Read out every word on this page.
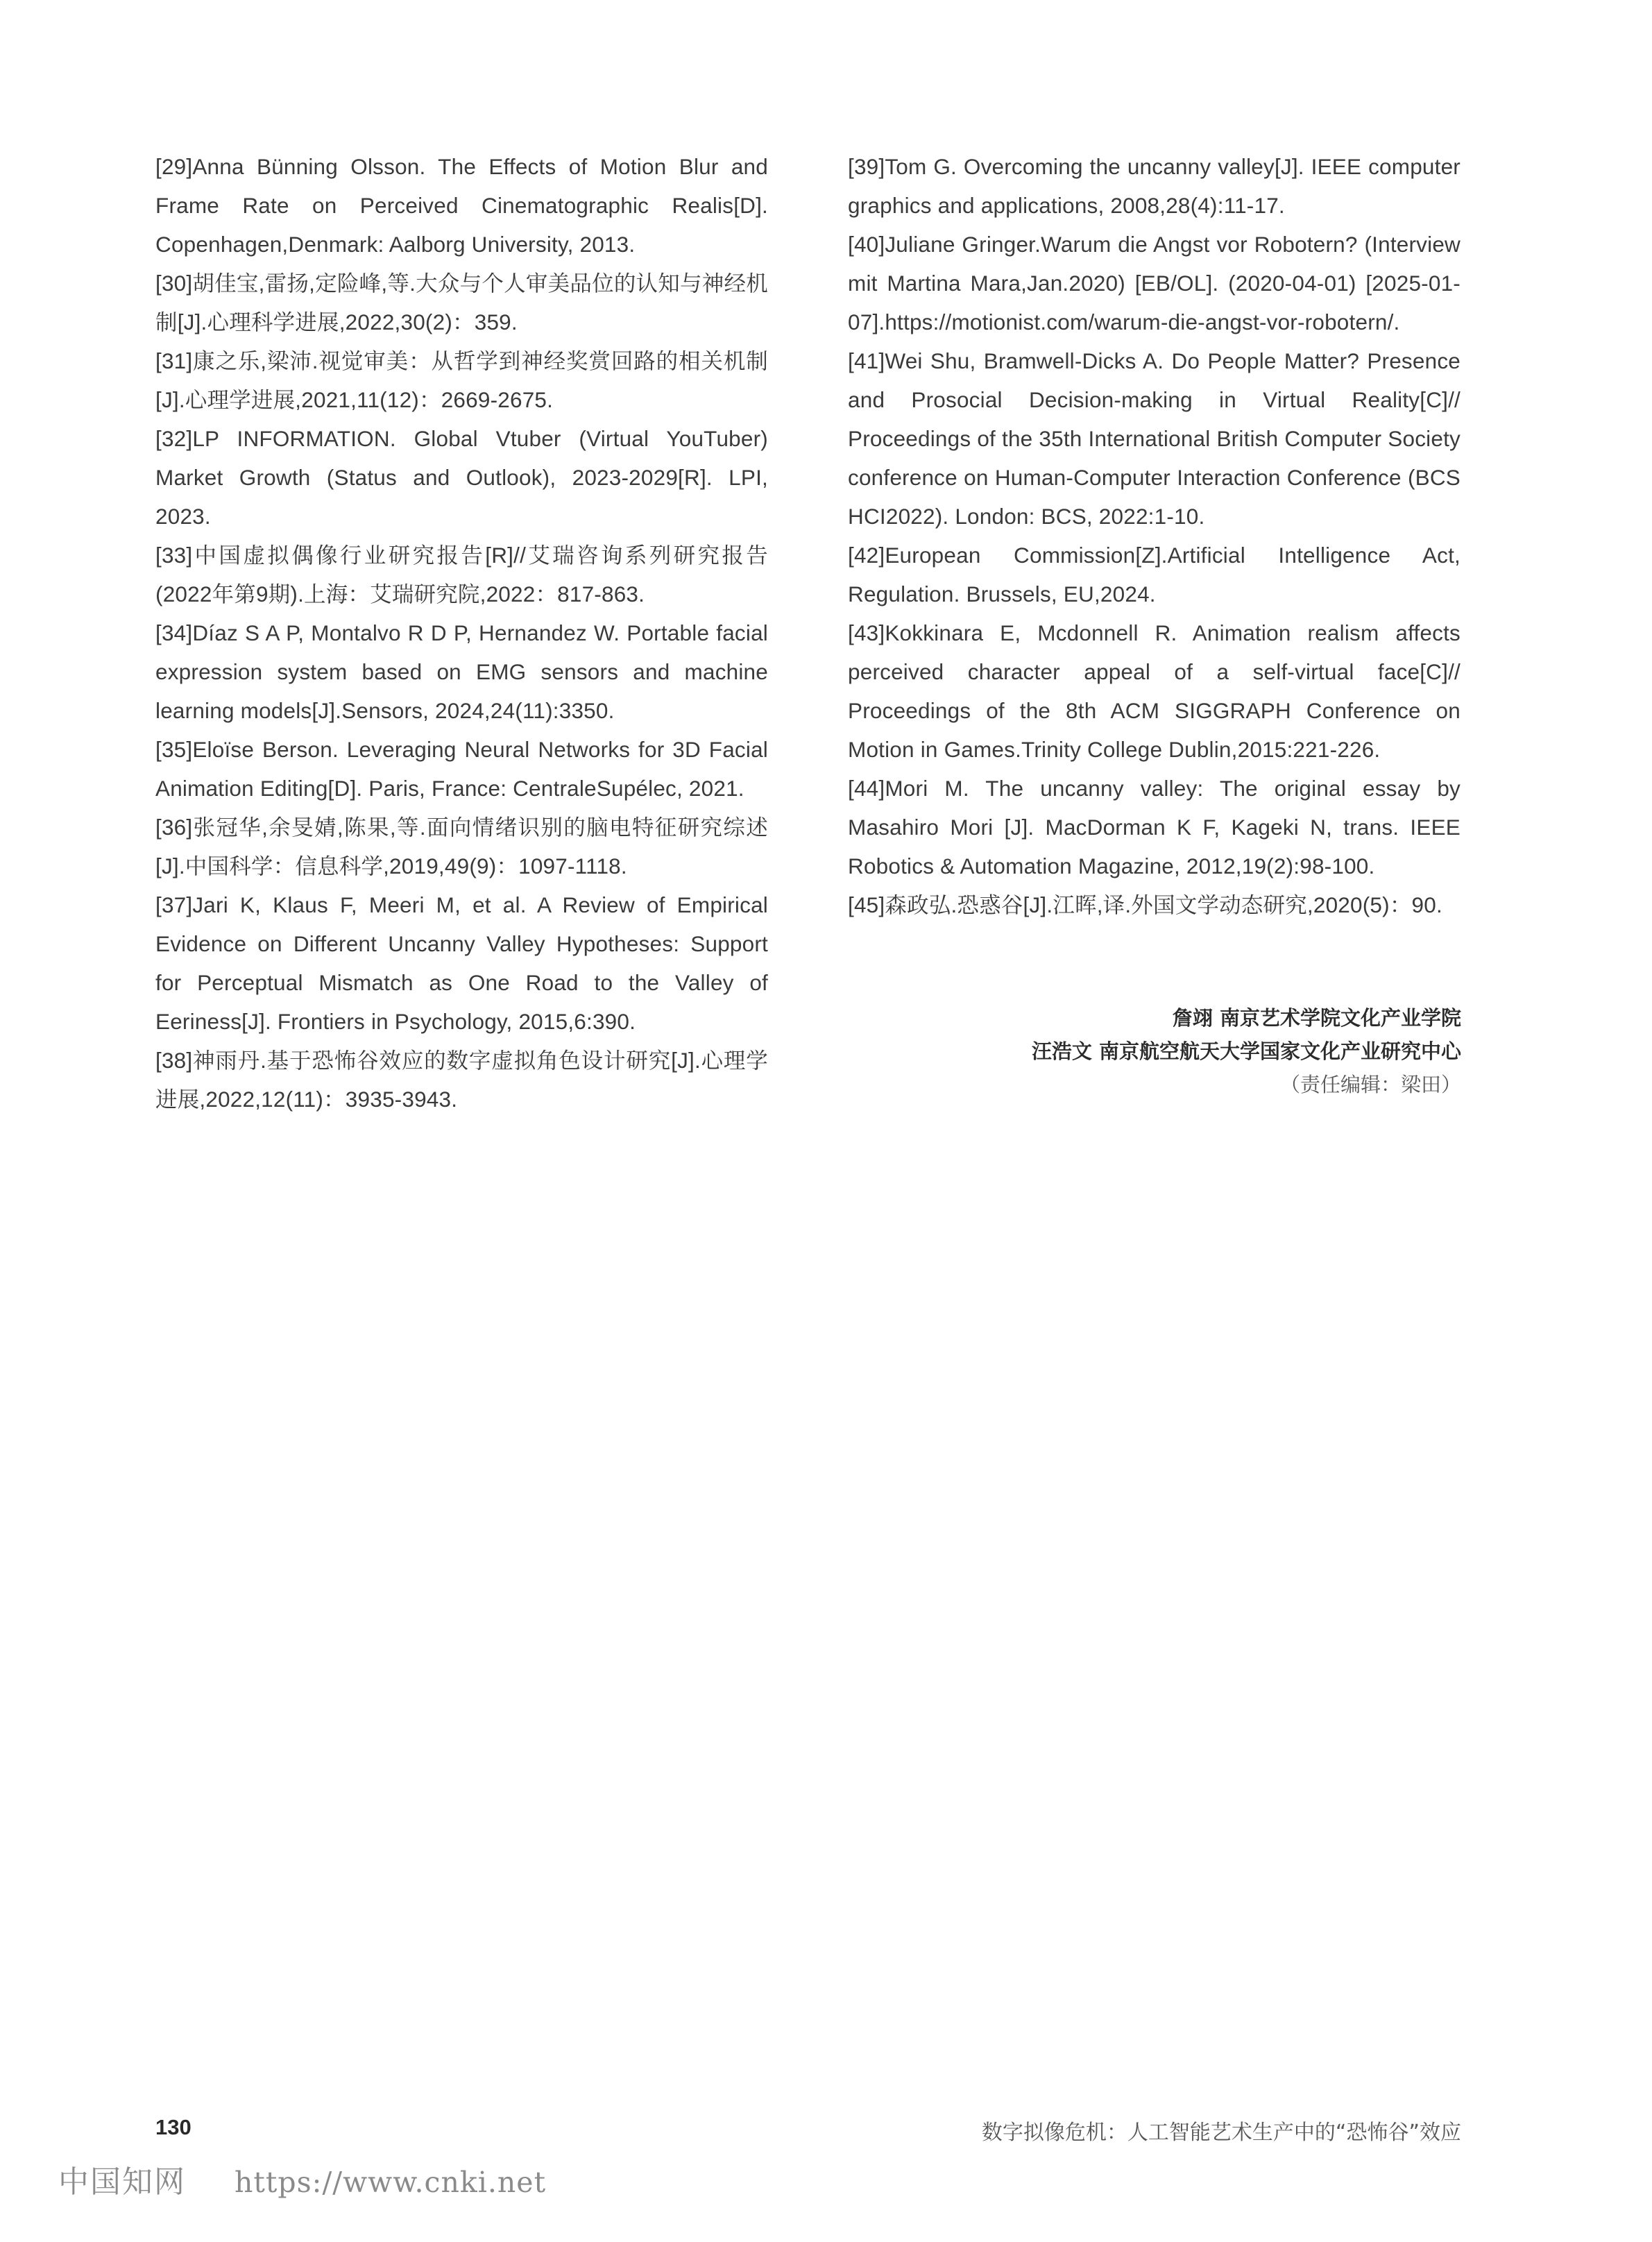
[29]Anna Bünning Olsson. The Effects of Motion Blur and Frame Rate on Perceived Cinematographic Realis[D]. Copenhagen,Denmark: Aalborg University, 2013.

[30]胡佳宝,雷扬,定险峰,等.大众与个人审美品位的认知与神经机制[J].心理科学进展,2022,30(2)：359.

[31]康之乐,梁沛.视觉审美：从哲学到神经奖赏回路的相关机制[J].心理学进展,2021,11(12)：2669-2675.

[32]LP INFORMATION. Global Vtuber (Virtual YouTuber) Market Growth (Status and Outlook), 2023-2029[R]. LPI, 2023.

[33]中国虚拟偶像行业研究报告[R]//艾瑞咨询系列研究报告(2022年第9期).上海：艾瑞研究院,2022：817-863.

[34]Díaz S A P, Montalvo R D P, Hernandez W. Portable facial expression system based on EMG sensors and machine learning models[J].Sensors, 2024,24(11):3350.

[35]Eloïse Berson. Leveraging Neural Networks for 3D Facial Animation Editing[D]. Paris, France: CentraleSupélec, 2021.

[36]张冠华,余旻婧,陈果,等.面向情绪识别的脑电特征研究综述[J].中国科学：信息科学,2019,49(9)：1097-1118.

[37]Jari K, Klaus F, Meeri M, et al. A Review of Empirical Evidence on Different Uncanny Valley Hypotheses: Support for Perceptual Mismatch as One Road to the Valley of Eeriness[J]. Frontiers in Psychology, 2015,6:390.

[38]神雨丹.基于恐怖谷效应的数字虚拟角色设计研究[J].心理学进展,2022,12(11)：3935-3943.

[39]Tom G. Overcoming the uncanny valley[J]. IEEE computer graphics and applications, 2008,28(4):11-17.

[40]Juliane Gringer.Warum die Angst vor Robotern? (Interview mit Martina Mara,Jan.2020) [EB/OL]. (2020-04-01) [2025-01-07].https://motionist.com/warum-die-angst-vor-robotern/.

[41]Wei Shu, Bramwell-Dicks A. Do People Matter? Presence and Prosocial Decision-making in Virtual Reality[C]// Proceedings of the 35th International British Computer Society conference on Human-Computer Interaction Conference (BCS HCI2022). London: BCS, 2022:1-10.

[42]European Commission[Z].Artificial Intelligence Act, Regulation. Brussels, EU,2024.

[43]Kokkinara E, Mcdonnell R. Animation realism affects perceived character appeal of a self-virtual face[C]// Proceedings of the 8th ACM SIGGRAPH Conference on Motion in Games.Trinity College Dublin,2015:221-226.

[44]Mori M. The uncanny valley: The original essay by Masahiro Mori [J]. MacDorman K F, Kageki N, trans. IEEE Robotics & Automation Magazine, 2012,19(2):98-100.

[45]森政弘.恐惑谷[J].江晖,译.外国文学动态研究,2020(5)：90.

詹翊 南京艺术学院文化产业学院
汪浩文 南京航空航天大学国家文化产业研究中心
（责任编辑：梁田）
130	数字拟像危机：人工智能艺术生产中的“恐怖谷”效应
中国知网 https://www.cnki.net
